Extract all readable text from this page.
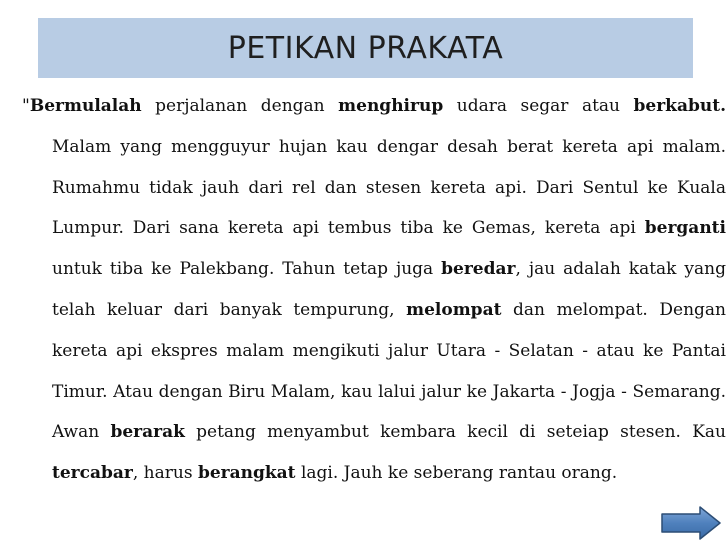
PETIKAN PRAKATA
"Bermulalah perjalanan dengan menghirup udara segar atau berkabut. Malam yang mengguyur hujan kau dengar desah berat kereta api malam. Rumahmu tidak jauh dari rel dan stesen kereta api. Dari Sentul ke Kuala Lumpur. Dari sana kereta api tembus tiba ke Gemas, kereta api berganti untuk tiba ke Palekbang. Tahun tetap juga beredar, jau adalah katak yang telah keluar dari banyak tempurung, melompat dan melompat. Dengan kereta api ekspres malam mengikuti jalur Utara - Selatan - atau ke Pantai Timur. Atau dengan Biru Malam, kau lalui jalur ke Jakarta - Jogja - Semarang. Awan berarak petang menyambut kembara kecil di seteiap stesen. Kau tercabar, harus berangkat lagi. Jauh ke seberang rantau orang.
